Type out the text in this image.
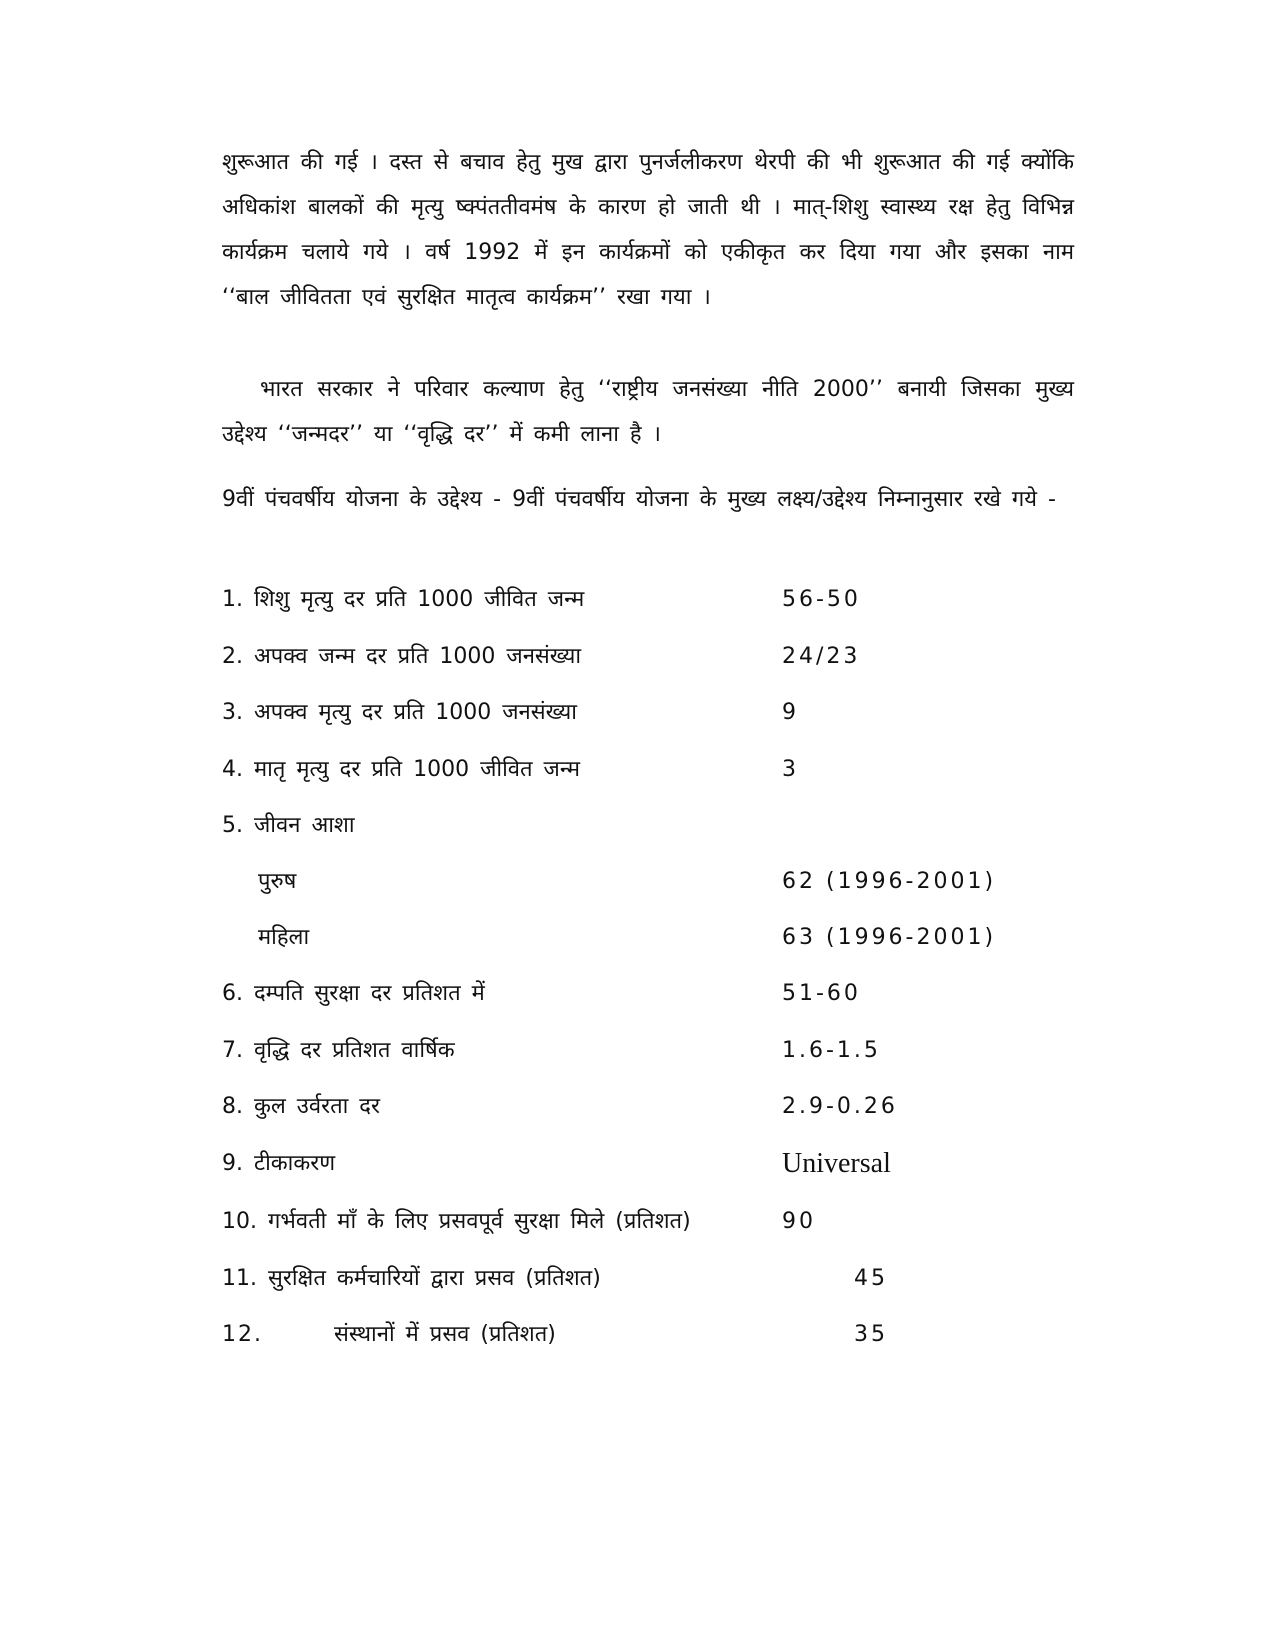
शुरूआत की गई । दस्त से बचाव हेतु मुख द्वारा पुनर्जलीकरण थेरपी की भी शुरूआत की गई क्योंकि अधिकांश बालकों की मृत्यु ष्क्पंततीवमंष के कारण हो जाती थी । मात्-शिशु स्वास्थ्य रक्ष हेतु विभिन्न कार्यक्रम चलाये गये । वर्ष 1992 में इन कार्यक्रमों को एकीकृत कर दिया गया और इसका नाम ‘‘बाल जीवितता एवं सुरक्षित मातृत्व कार्यक्रम’’ रखा गया ।

भारत सरकार ने परिवार कल्याण हेतु ‘‘राष्ट्रीय जनसंख्या नीति 2000’’ बनायी जिसका मुख्य उद्देश्य ‘‘जन्मदर’’ या ‘‘वृद्धि दर’’ में कमी लाना है ।

9वीं पंचवर्षीय योजना के उद्देश्य - 9वीं पंचवर्षीय योजना के मुख्य लक्ष्य/उद्देश्य निम्नानुसार रखे गये -

1. शिशु मृत्यु दर प्रति 1000 जीवित जन्म	56-50
2. अपक्व जन्म दर प्रति 1000 जनसंख्या	24/23
3. अपक्व मृत्यु दर प्रति 1000 जनसंख्या	9
4. मातृ मृत्यु दर प्रति 1000 जीवित जन्म	3
5. जीवन आशा
पुरुष	62 (1996-2001)
महिला	63 (1996-2001)
6. दम्पति सुरक्षा दर प्रतिशत में	51-60
7. वृद्धि दर प्रतिशत वार्षिक	1.6-1.5
8. कुल उर्वरता दर	2.9-0.26
9. टीकाकरण	Universal
10. गर्भवती माँ के लिए प्रसवपूर्व सुरक्षा मिले (प्रतिशत)	90
11. सुरक्षित कर्मचारियों द्वारा प्रसव (प्रतिशत)	45
12.	संस्थानों में प्रसव (प्रतिशत)	35
